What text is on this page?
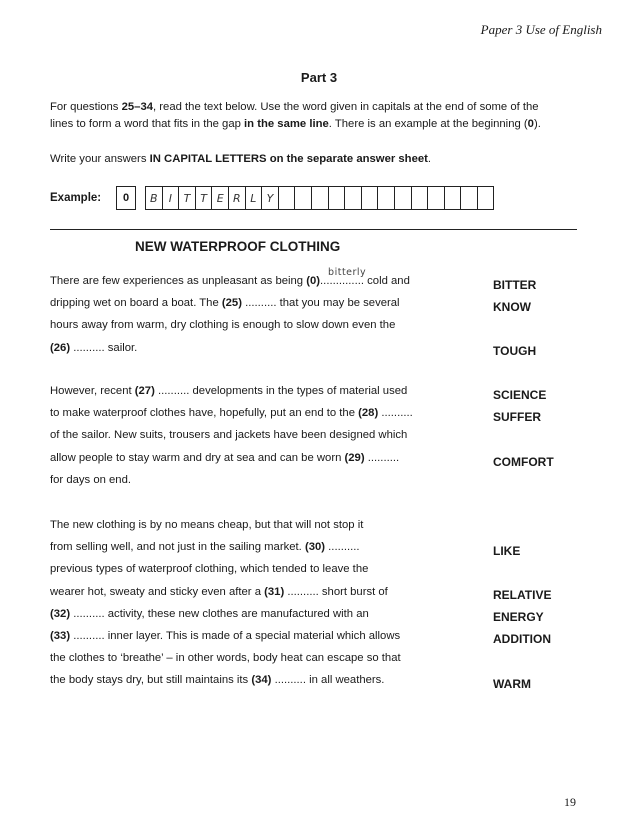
Paper 3 Use of English
Part 3
For questions 25–34, read the text below. Use the word given in capitals at the end of some of the
lines to form a word that fits in the gap in the same line. There is an example at the beginning (0).
Write your answers IN CAPITAL LETTERS on the separate answer sheet.
Example:	0	B	I	T T E R L Y
NEW WATERPROOF CLOTHING
There are few experiences as unpleasant as being (0)..............
bitterly
cold and
dripping wet on board a boat. The (25) .......... that you may be several
hours away from warm, dry clothing is enough to slow down even the
(26) .......... sailor.
However, recent (27) .......... developments in the types of material used
to make waterproof clothes have, hopefully, put an end to the (28) ..........
of the sailor. New suits, trousers and jackets have been designed which
allow people to stay warm and dry at sea and can be worn (29) ..........
for days on end.
The new clothing is by no means cheap, but that will not stop it
from selling well, and not just in the sailing market. (30) ..........
previous types of waterproof clothing, which tended to leave the
wearer hot, sweaty and sticky even after a (31) .......... short burst of
(32) .......... activity, these new clothes are manufactured with an
(33) .......... inner layer. This is made of a special material which allows
the clothes to ‘breathe’ – in other words, body heat can escape so that
the body stays dry, but still maintains its (34) .......... in all weathers.
BITTER
KNOW
TOUGH
SCIENCE
SUFFER
COMFORT
LIKE
RELATIVE
ENERGY
ADDITION
WARM
19
